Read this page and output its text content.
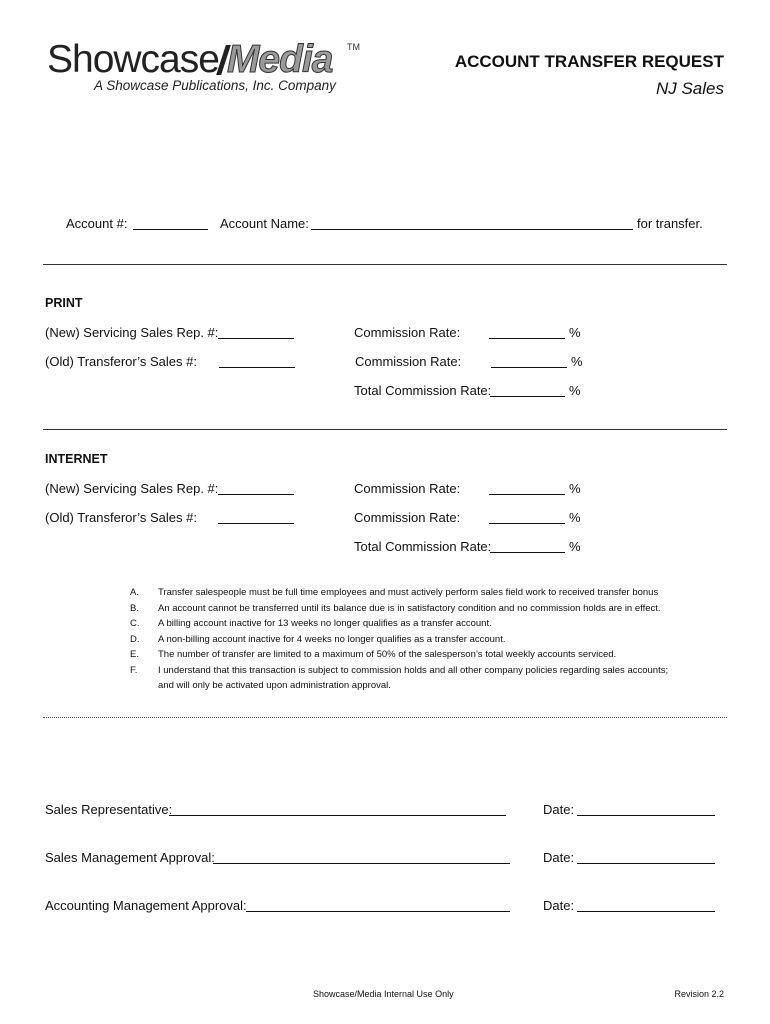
Showcase Media TM
A Showcase Publications, Inc. Company
ACCOUNT TRANSFER REQUEST
NJ Sales
Account #:	Account Name:	for transfer.
PRINT
(New) Servicing Sales Rep. #:	Commission Rate:	%
(Old) Transferor’s Sales #:	Commission Rate:	%
Total Commission Rate:	%
INTERNET
(New) Servicing Sales Rep. #:	Commission Rate:	%
(Old) Transferor’s Sales #:	Commission Rate:	%
Total Commission Rate:	%
A.	Transfer salespeople must be full time employees and must actively perform sales field work to received transfer bonus
B.	An account cannot be transferred until its balance due is in satisfactory condition and no commission holds are in effect.
C.	A billing account inactive for 13 weeks no longer qualifies as a transfer account.
D.	A non-billing account inactive for 4 weeks no longer qualifies as a transfer account.
E.	The number of transfer are limited to a maximum of 50% of the salesperson’s total weekly accounts serviced.
F.	I understand that this transaction is subject to commission holds and all other company policies regarding sales accounts;
and will only be activated upon administration approval.
Sales Representative:	Date:
Sales Management Approval:	Date:
Accounting Management Approval:	Date:
Showcase/Media Internal Use Only	Revision 2.2
